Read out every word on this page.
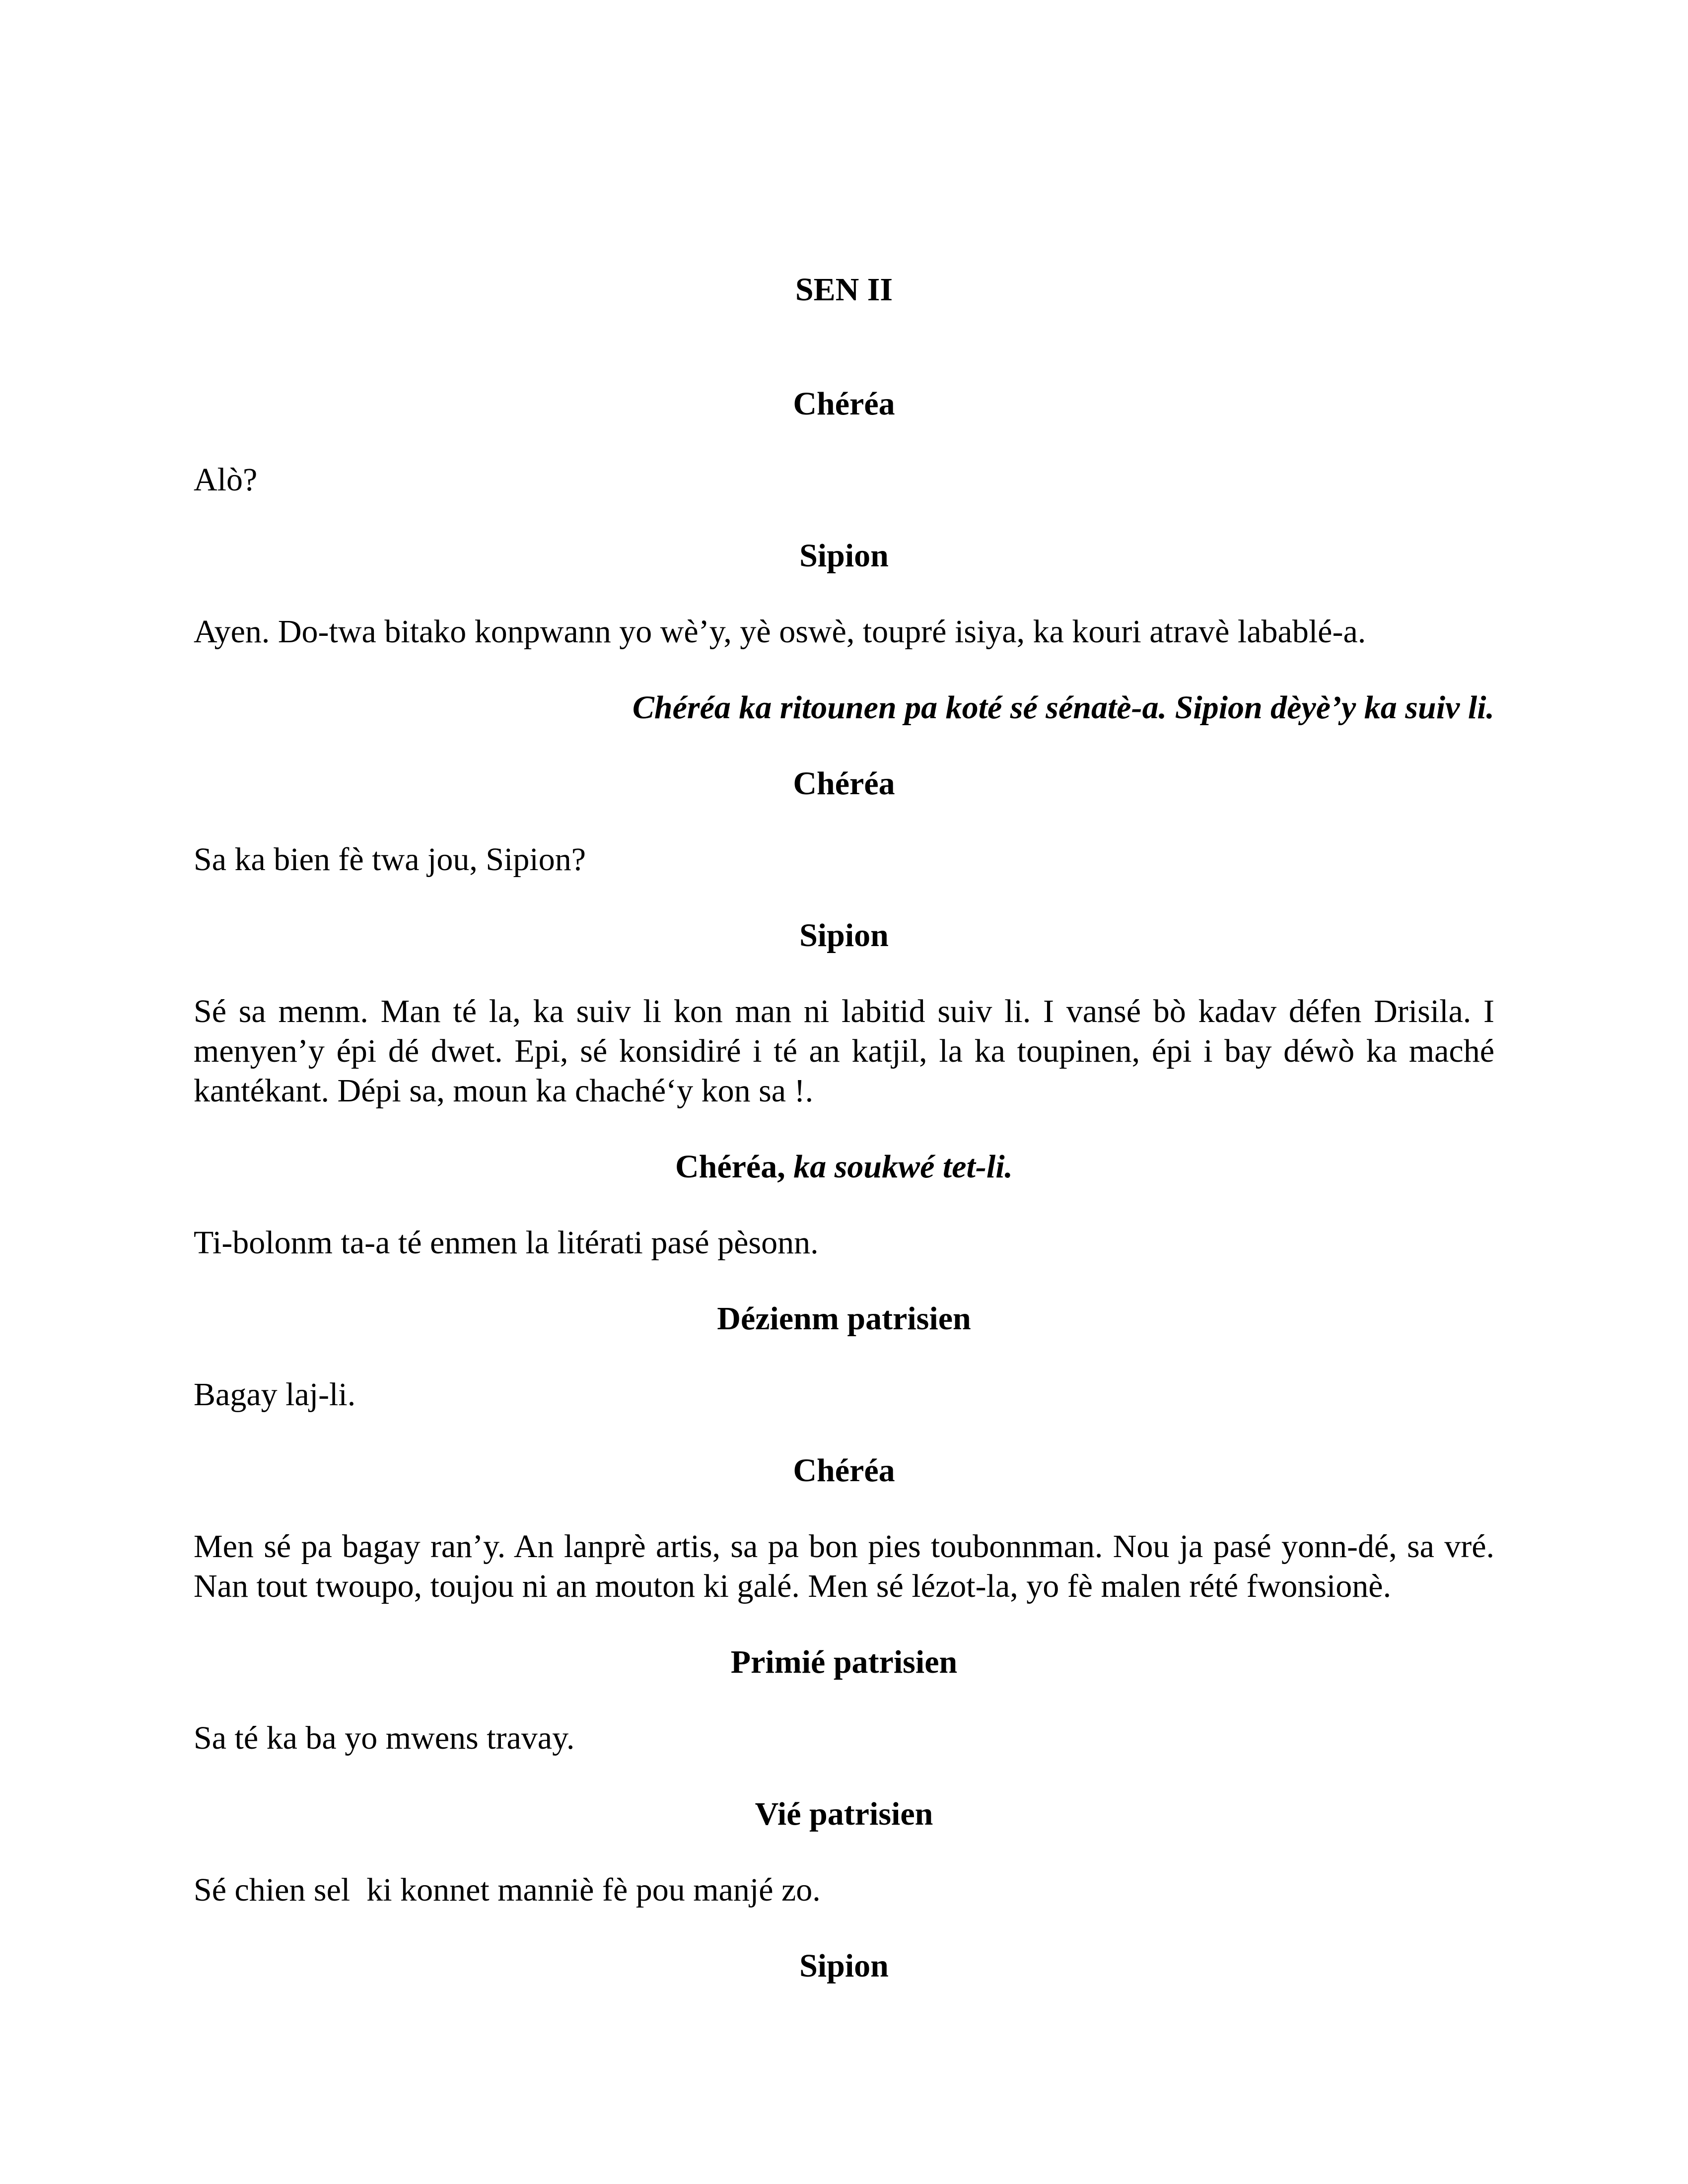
SEN II
Chéréa
Alò?
Sipion
Ayen. Do-twa bitako konpwann yo wè’y, yè oswè, toupré isiya, ka kouri atravè labablé-a.
Chéréa ka ritounen pa koté sé sénatè-a. Sipion dèyè’y ka suiv li.
Chéréa
Sa ka bien fè twa jou, Sipion?
Sipion
Sé sa menm. Man té la, ka suiv li kon man ni labitid suiv li. I vansé bò kadav défen Drisila. I menyen’y épi dé dwet. Epi, sé konsidiré i té an katjil, la ka toupinen, épi i bay déwò ka maché kantékant. Dépi sa, moun ka chaché‘y kon sa !.
Chéréa, ka soukwé tet-li.
Ti-bolonm ta-a té enmen la litérati pasé pèsonn.
Dézienm patrisien
Bagay laj-li.
Chéréa
Men sé pa bagay ran’y. An lanprè artis, sa pa bon pies toubonnman. Nou ja pasé yonn-dé, sa vré. Nan tout twoupo, toujou ni an mouton ki galé. Men sé lézot-la, yo fè malen rété fwonsionè.
Primié patrisien
Sa té ka ba yo mwens travay.
Vié patrisien
Sé chien sel  ki konnet manniè fè pou manjé zo.
Sipion
